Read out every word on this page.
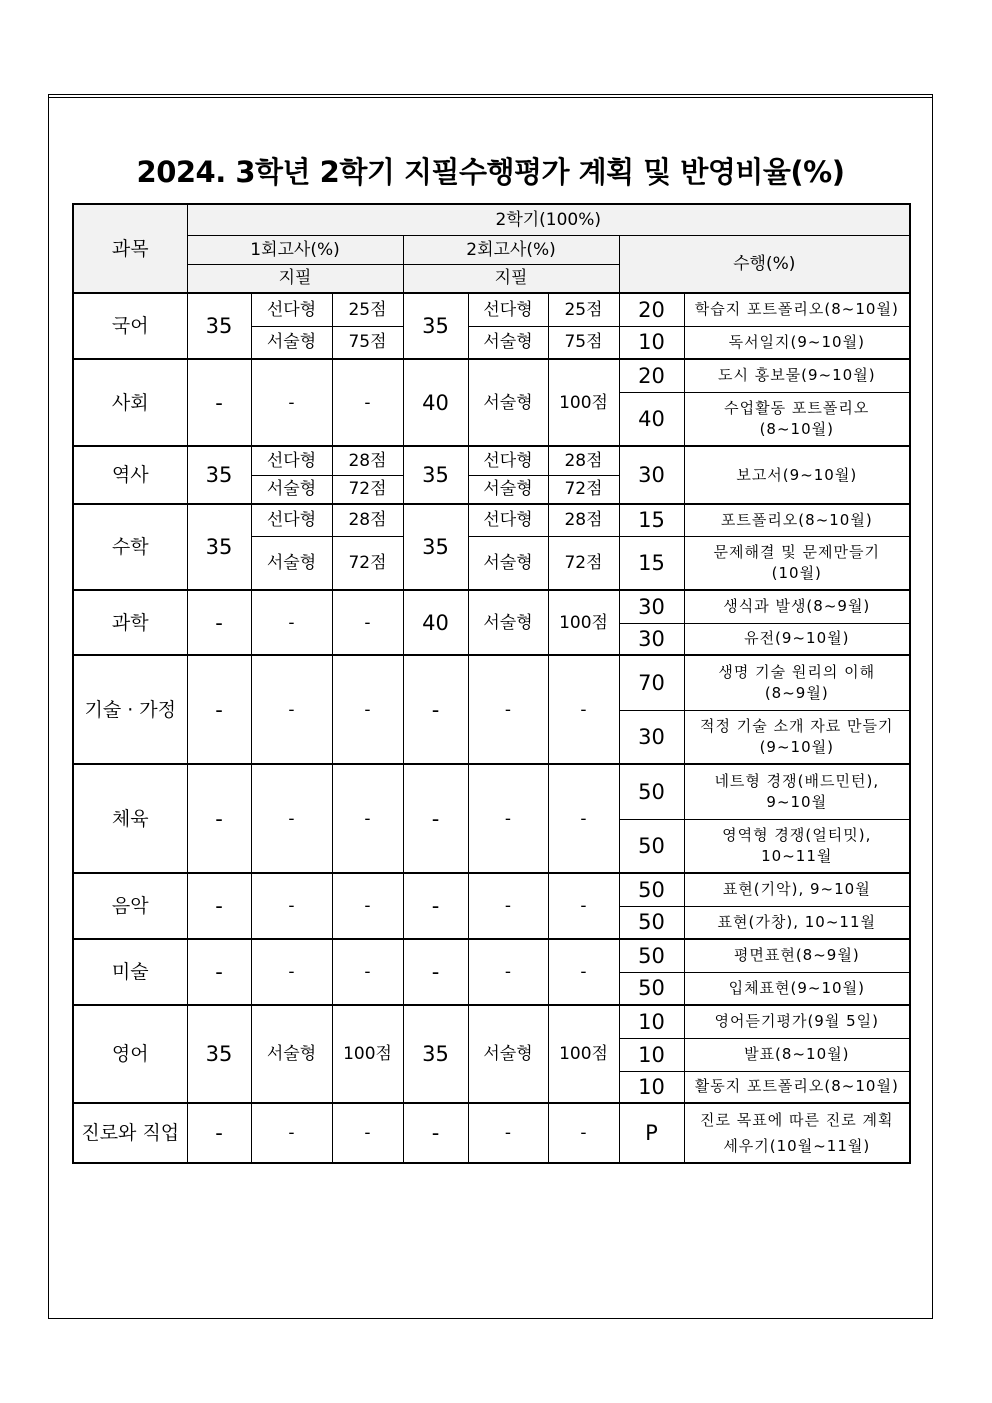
2024. 3학년 2학기 지필수행평가 계획 및 반영비율(%)
과목	2학기(100%)							
	1회고사(%)			2회고사(%)			수행(%)	
	지필			지필				
국어	35	선다형	25점	35	선다형	25점	20	학습지 포트폴리오(8~10월)
		서술형	75점		서술형	75점	10	독서일지(9~10월)
사회	-	-	-	40	서술형	100점	20	도시 홍보물(9~10월)
							40	수업활동 포트폴리오
(8~10월)

역사	35	선다형	28점	35	선다형	28점	30	보고서(9~10월)
		서술형	72점		서술형	72점		
수학	35	선다형	28점	35	선다형	28점	15	포트폴리오(8~10월)
		서술형	72점		서술형	72점	15	문제해결 및 문제만들기
(10월)

과학	-	-	-	40	서술형	100점	30	생식과 발생(8~9월)
							30	유전(9~10월)
기술 · 가정	-	-	-	-	-	-	70	생명 기술 원리의 이해
(8~9월)

							30	적정 기술 소개 자료 만들기
(9~10월)

체육	-	-	-	-	-	-	50	네트형 경쟁(배드민턴),
9~10월

							50	영역형 경쟁(얼티밋),
10~11월

음악	-	-	-	-	-	-	50	표현(기악), 9~10월
							50	표현(가창), 10~11월
미술	-	-	-	-	-	-	50	평면표현(8~9월)
							50	입체표현(9~10월)
영어	35	서술형	100점	35	서술형	100점	10	영어듣기평가(9월 5일)
							10	발표(8~10월)
							10	활동지 포트폴리오(8~10월)
진로와 직업	-	-	-	-	-	-	P	진로 목표에 따른 진로 계획
세우기(10월~11월)
